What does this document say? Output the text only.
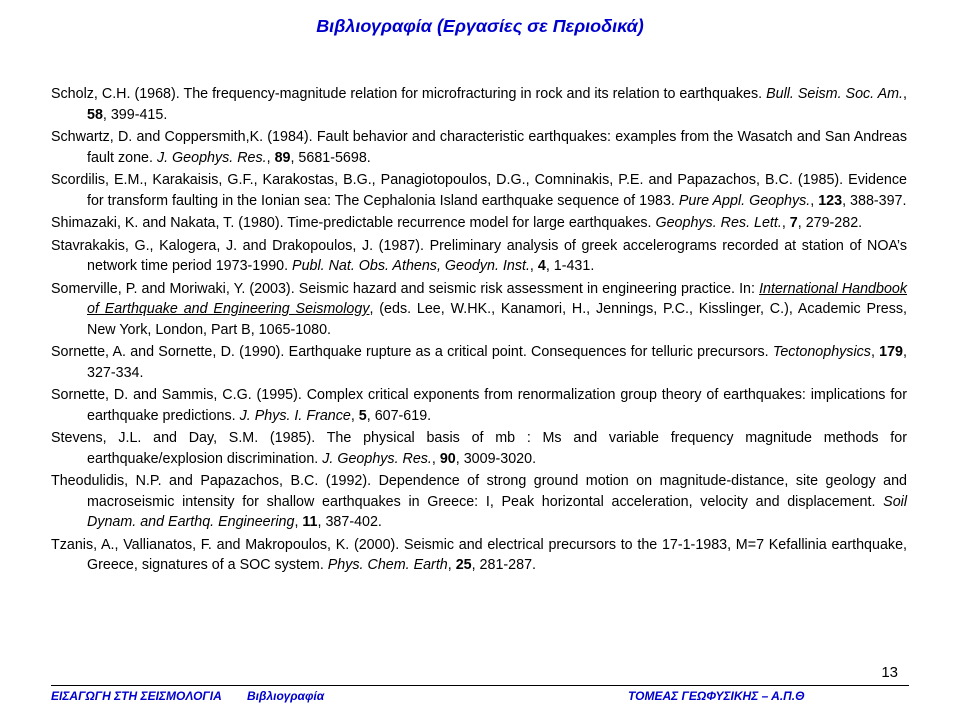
Βιβλιογραφία (Εργασίες σε Περιοδικά)
Scholz, C.H. (1968). The frequency-magnitude relation for microfracturing in rock and its relation to earthquakes. Bull. Seism. Soc. Am., 58, 399-415.
Schwartz, D. and Coppersmith,K. (1984). Fault behavior and characteristic earthquakes: examples from the Wasatch and San Andreas fault zone. J. Geophys. Res., 89, 5681-5698.
Scordilis, E.M., Karakaisis, G.F., Karakostas, B.G., Panagiotopoulos, D.G., Comninakis, P.E. and Papazachos, B.C. (1985). Evidence for transform faulting in the Ionian sea: The Cephalonia Island earthquake sequence of 1983. Pure Appl. Geophys., 123, 388-397.
Shimazaki, K. and Nakata, T. (1980). Time-predictable recurrence model for large earthquakes. Geophys. Res. Lett., 7, 279-282.
Stavrakakis, G., Kalogera, J. and Drakopoulos, J. (1987). Preliminary analysis of greek accelerograms recorded at station of NOA’s network time period 1973-1990. Publ. Nat. Obs. Athens, Geodyn. Inst., 4, 1-431.
Somerville, P. and Moriwaki, Y. (2003). Seismic hazard and seismic risk assessment in engineering practice. In: International Handbook of Earthquake and Engineering Seismology, (eds. Lee, W.HK., Kanamori, H., Jennings, P.C., Kisslinger, C.), Academic Press, New York, London, Part B, 1065-1080.
Sornette, A. and Sornette, D. (1990). Earthquake rupture as a critical point. Consequences for telluric precursors. Tectonophysics, 179, 327-334.
Sornette, D. and Sammis, C.G. (1995). Complex critical exponents from renormalization group theory of earthquakes: implications for earthquake predictions. J. Phys. I. France, 5, 607-619.
Stevens, J.L. and Day, S.M. (1985). The physical basis of mb : Ms and variable frequency magnitude methods for earthquake/explosion discrimination. J. Geophys. Res., 90, 3009-3020.
Theodulidis, N.P. and Papazachos, B.C. (1992). Dependence of strong ground motion on magnitude-distance, site geology and macroseismic intensity for shallow earthquakes in Greece: I, Peak horizontal acceleration, velocity and displacement. Soil Dynam. and Earthq. Engineering, 11, 387-402.
Tzanis, A., Vallianatos, F. and Makropoulos, K. (2000). Seismic and electrical precursors to the 17-1-1983, M=7 Kefallinia earthquake, Greece, signatures of a SOC system. Phys. Chem. Earth, 25, 281-287.
13
ΕΙΣΑΓΩΓΗ ΣΤΗ ΣΕΙΣΜΟΛΟΓΙΑ Βιβλιογραφία	ΤΟΜΕΑΣ ΓΕΩΦΥΣΙΚΗΣ – Α.Π.Θ
